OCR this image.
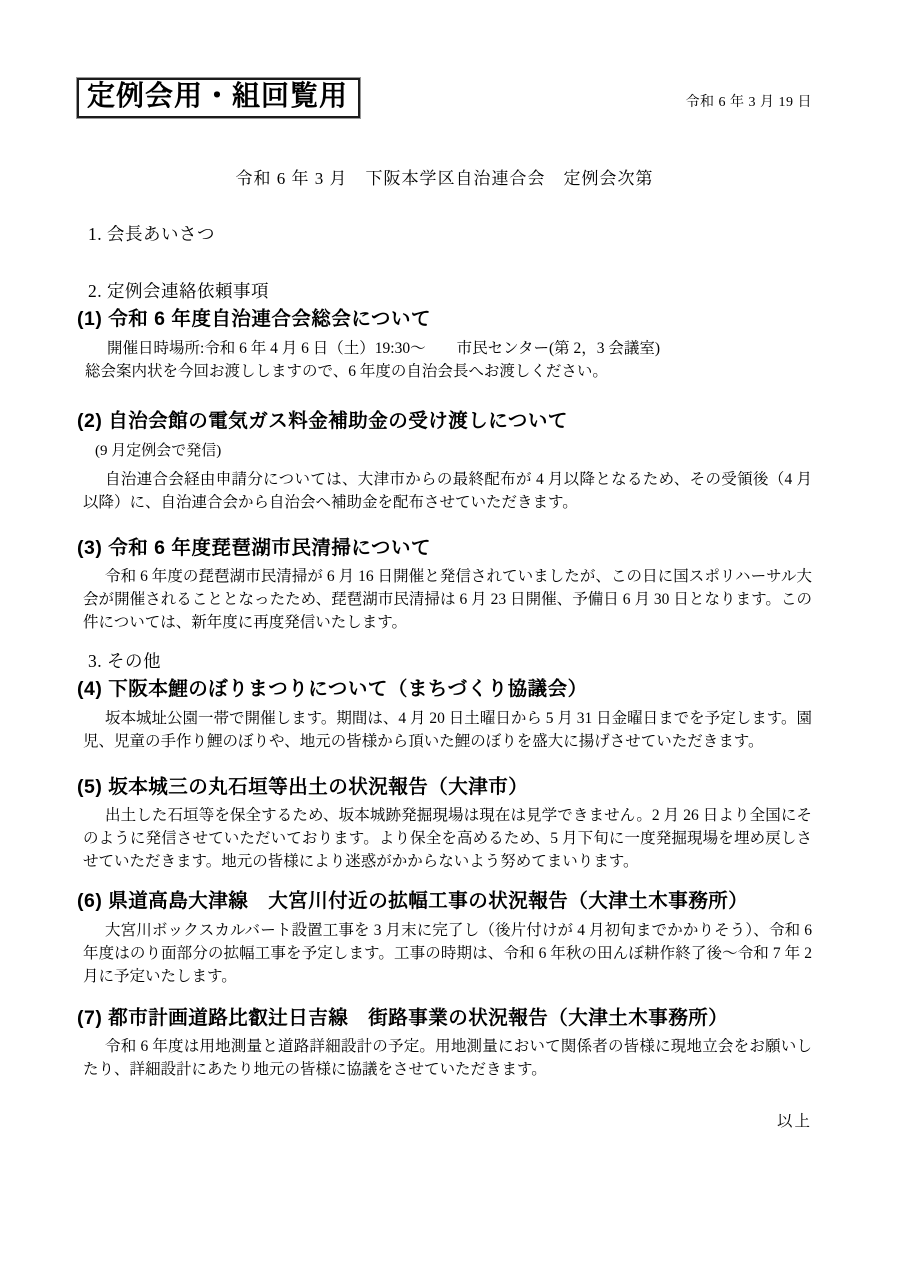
定例会用・組回覧用	令和 6 年 3 月 19 日
令和 6 年 3 月　下阪本学区自治連合会　定例会次第
1. 会長あいさつ
2. 定例会連絡依頼事項
(1) 令和 6 年度自治連合会総会について
開催日時場所:令和 6 年 4 月 6 日（土）19:30～　　市民センター(第 2，3 会議室)
総会案内状を今回お渡ししますので、6 年度の自治会長へお渡しください。
(2) 自治会館の電気ガス料金補助金の受け渡しについて
(9 月定例会で発信)
自治連合会経由申請分については、大津市からの最終配布が 4 月以降となるため、その受領後（4 月以降）に、自治連合会から自治会へ補助金を配布させていただきます。
(3) 令和 6 年度琵琶湖市民清掃について
令和 6 年度の琵琶湖市民清掃が 6 月 16 日開催と発信されていましたが、この日に国スポリハーサル大会が開催されることとなったため、琵琶湖市民清掃は 6 月 23 日開催、予備日 6 月 30 日となります。この件については、新年度に再度発信いたします。
3. その他
(4) 下阪本鯉のぼりまつりについて（まちづくり協議会）
坂本城址公園一帯で開催します。期間は、4 月 20 日土曜日から 5 月 31 日金曜日までを予定します。園児、児童の手作り鯉のぼりや、地元の皆様から頂いた鯉のぼりを盛大に揚げさせていただきます。
(5) 坂本城三の丸石垣等出土の状況報告（大津市）
出土した石垣等を保全するため、坂本城跡発掘現場は現在は見学できません。2 月 26 日より全国にそのように発信させていただいております。より保全を高めるため、5 月下旬に一度発掘現場を埋め戻しさせていただきます。地元の皆様により迷惑がかからないよう努めてまいります。
(6) 県道高島大津線　大宮川付近の拡幅工事の状況報告（大津土木事務所）
大宮川ボックスカルバート設置工事を 3 月末に完了し（後片付けが 4 月初旬までかかりそう）、令和 6 年度はのり面部分の拡幅工事を予定します。工事の時期は、令和 6 年秋の田んぼ耕作終了後～令和 7 年 2 月に予定いたします。
(7) 都市計画道路比叡辻日吉線　街路事業の状況報告（大津土木事務所）
令和 6 年度は用地測量と道路詳細設計の予定。用地測量において関係者の皆様に現地立会をお願いしたり、詳細設計にあたり地元の皆様に協議をさせていただきます。
以上
